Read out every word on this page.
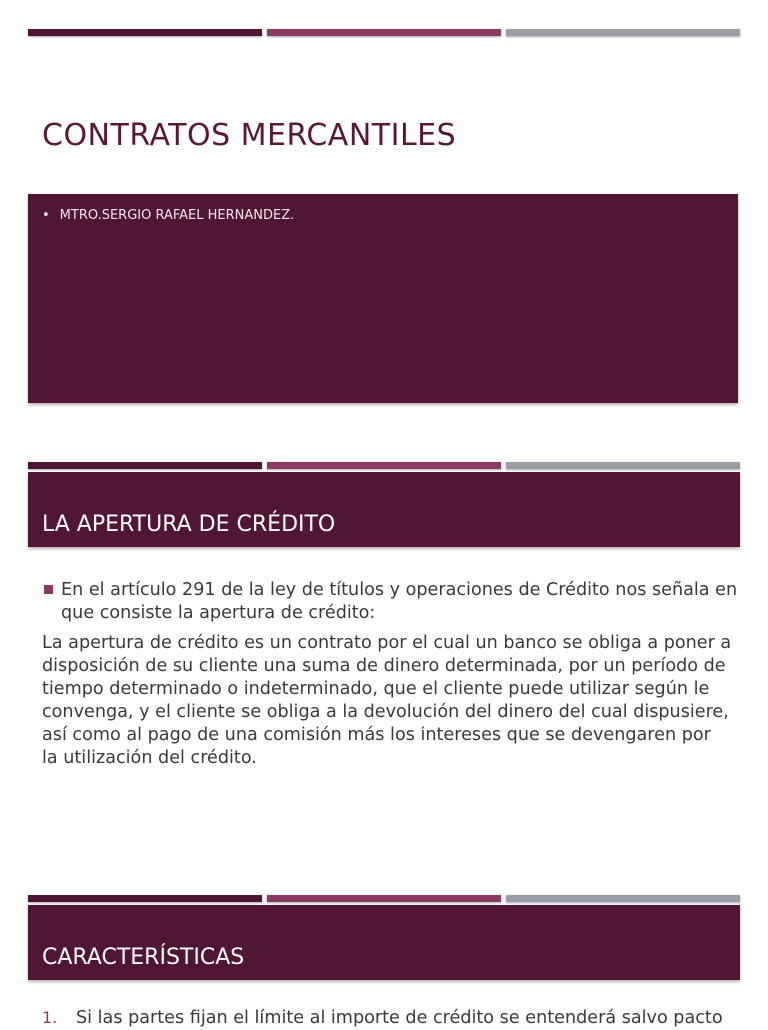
CONTRATOS MERCANTILES
• MTRO.SERGIO RAFAEL HERNANDEZ.
LA APERTURA DE CRÉDITO
En el artículo 291 de la ley de títulos y operaciones de Crédito nos señala en que consiste la apertura de crédito:

La apertura de crédito es un contrato por el cual un banco se obliga a poner a disposición de su cliente una suma de dinero determinada, por un período de tiempo determinado o indeterminado, que el cliente puede utilizar según le convenga, y el cliente se obliga a la devolución del dinero del cual dispusiere, así como al pago de una comisión más los intereses que se devengaren por la utilización del crédito.

CARACTERÍSTICAS
1. Si las partes fijan el límite al importe de crédito se entenderá salvo pacto
